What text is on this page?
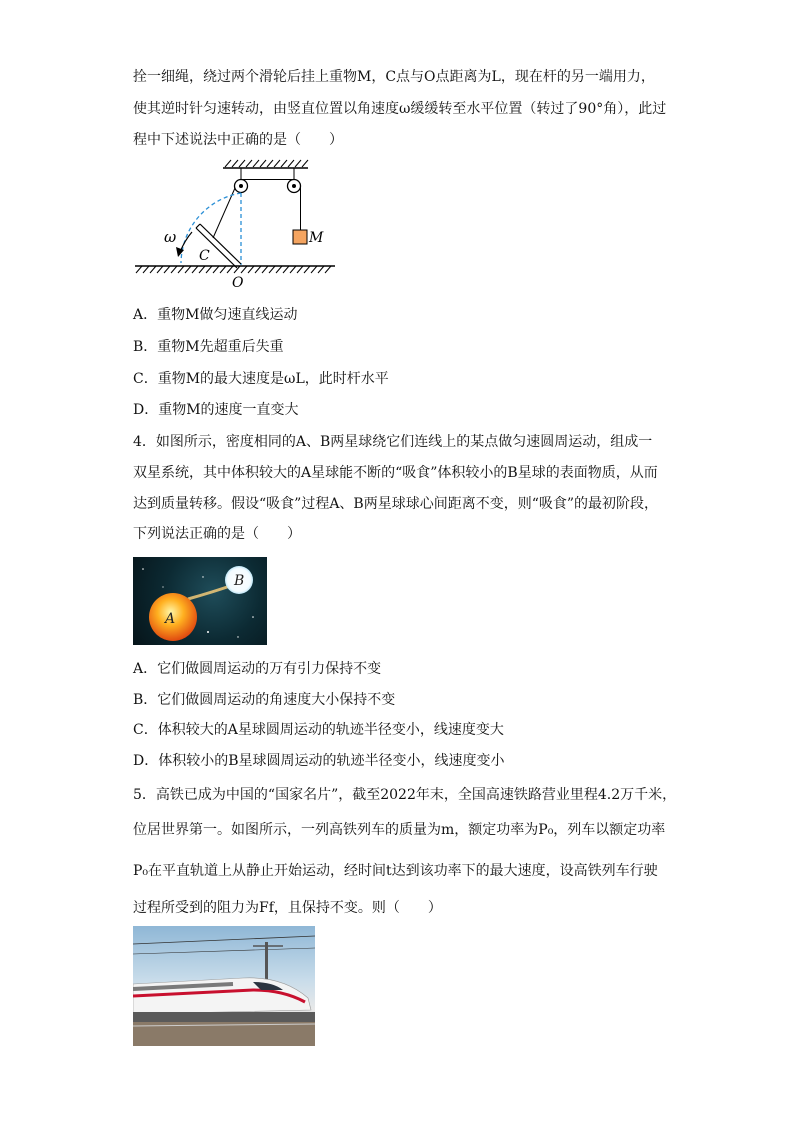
拴一细绳，绕过两个滑轮后挂上重物M，C点与O点距离为L，现在杆的另一端用力，
使其逆时针匀速转动，由竖直位置以角速度ω缓缓转至水平位置（转过了90°角），此过
程中下述说法中正确的是（　　）
ω
C
O
M
A．重物M做匀速直线运动
B．重物M先超重后失重
C．重物M的最大速度是ωL，此时杆水平
D．重物M的速度一直变大
4．如图所示，密度相同的A、B两星球绕它们连线上的某点做匀速圆周运动，组成一
双星系统，其中体积较大的A星球能不断的“吸食”体积较小的B星球的表面物质，从而
达到质量转移。假设“吸食”过程A、B两星球球心间距离不变，则“吸食”的最初阶段，
下列说法正确的是（　　）
A
B
A．它们做圆周运动的万有引力保持不变
B．它们做圆周运动的角速度大小保持不变
C．体积较大的A星球圆周运动的轨迹半径变小，线速度变大
D．体积较小的B星球圆周运动的轨迹半径变小，线速度变小
5．高铁已成为中国的“国家名片”，截至2022年末，全国高速铁路营业里程4.2万千米，
位居世界第一。如图所示，一列高铁列车的质量为m，额定功率为P₀，列车以额定功率
P₀在平直轨道上从静止开始运动，经时间t达到该功率下的最大速度，设高铁列车行驶
过程所受到的阻力为Ff，且保持不变。则（　　）
